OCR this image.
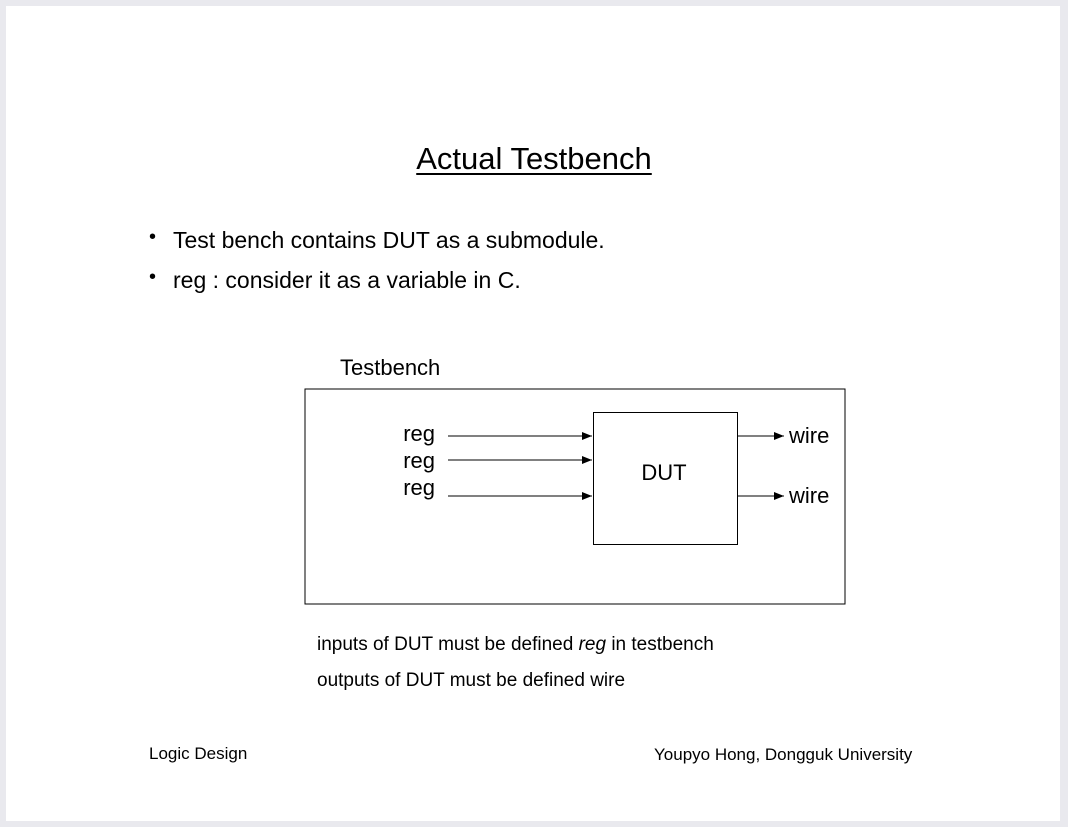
Actual Testbench
• Test bench contains DUT as a submodule.
• reg : consider it as a variable in C.
Testbench
DUT
reg
reg
reg
wire
wire
inputs of DUT must be defined reg in testbench
outputs of DUT must be defined wire
Logic Design	Youpyo Hong, Dongguk University
